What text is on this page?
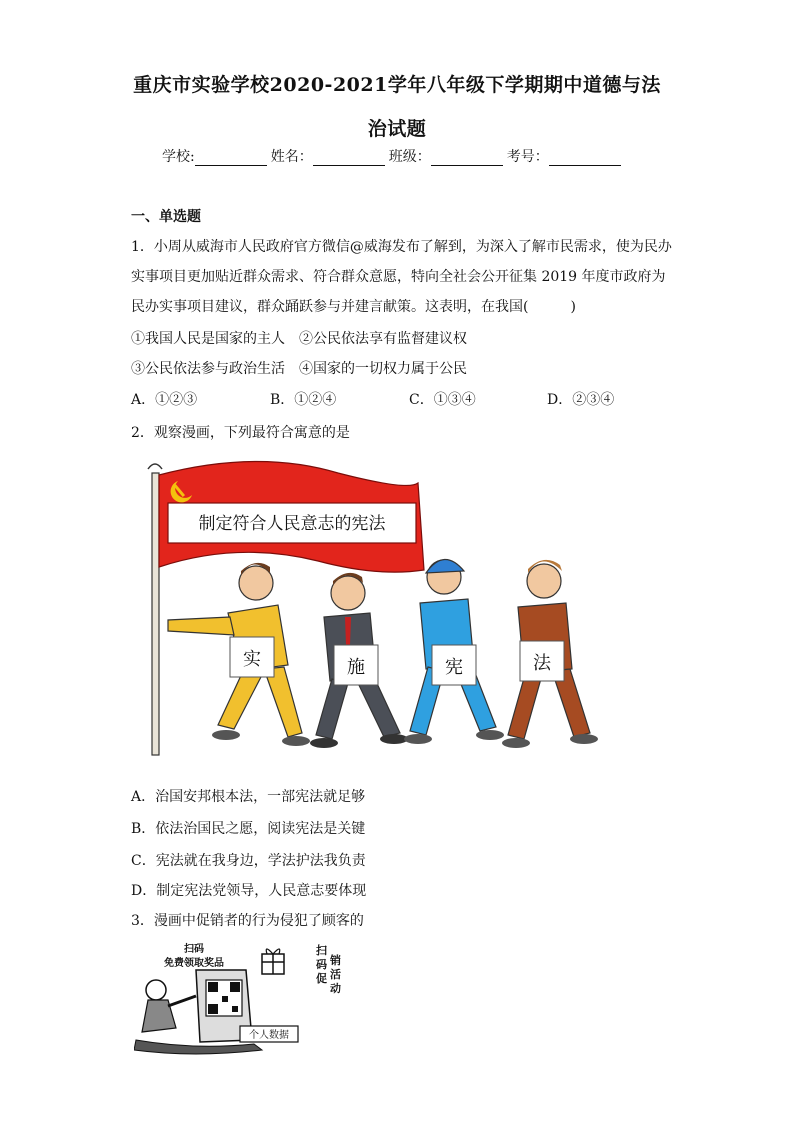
重庆市实验学校2020-2021学年八年级下学期期中道德与法
治试题
学校:	姓名：	班级：	考号：
一、单选题
1．小周从威海市人民政府官方微信@威海发布了解到，为深入了解市民需求，使为民办
实事项目更加贴近群众需求、符合群众意愿，特向全社会公开征集 2019 年度市政府为
民办实事项目建议，群众踊跃参与并建言献策。这表明，在我国(　　　)
①我国人民是国家的主人　②公民依法享有监督建议权
③公民依法参与政治生活　④国家的一切权力属于公民
A．①②③	B．①②④	C．①③④	D．②③④
2．观察漫画，下列最符合寓意的是
制定符合人民意志的宪法
实	施	宪	法
A．治国安邦根本法，一部宪法就足够
B．依法治国民之愿，阅读宪法是关键
C．宪法就在我身边，学法护法我负责
D．制定宪法党领导，人民意志要体现
3．漫画中促销者的行为侵犯了顾客的
扫码
免费领取奖品
个人数据
扫
码
促
销
活
动
